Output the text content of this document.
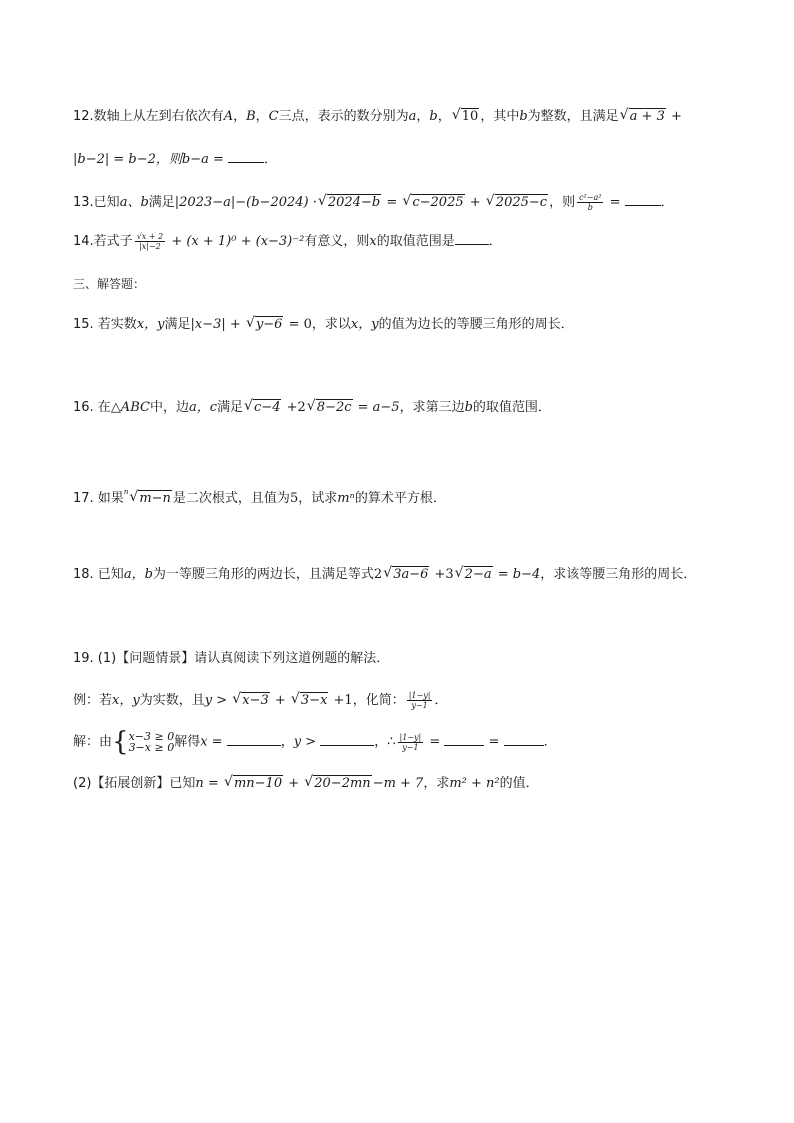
12.数轴上从左到右依次有A，B，C三点，表示的数分别为a，b， √ 10 ，其中b为整数，且满足 √ a + 3 +
|b−2| = b−2，则b−a =	．
13.已知a、b满足|2023−a|−(b−2024) · √ 2024−b = √ c−2025 + √ 2025−c ，则 $\frac{\text{c²−a²}}{b}$ =	．
14.若式子 $\frac{√x + 2}{|x|-2} + (x + 1)^0 + (x-3)^{-2}$有意义，则x的取值范围是	．
三、解答题：
15. 若实数x，y满足|x−3| + √ y−6 = 0，求以x，y的值为边长的等腰三角形的周长．
16. 在△ABC中，边a，c满足 √ c−4 +2 √ 8−2c = a−5，求第三边b的取值范围．
17. 如果$^n$ √ m−n 是二次根式，且值为5，试求mⁿ的算术平方根．
18. 已知a，b为一等腰三角形的两边长，且满足等式2 √ 3a−6 +3 √ 2−a = b−4，求该等腰三角形的周长．
19. (1)【问题情景】请认真阅读下列这道例题的解法．
例：若x，y为实数，且y > √ x−3 + √ 3−x +1，化简： $\frac{|1-y|}{y-1}$ ．
解：由 { x−3 ≥ 0
3−x ≥ 0 解得x =	，y >	，∴ $\frac{|1-y|}{y-1}$ =	=	．
(2)【拓展创新】已知n = √ mn−10 + √ 20−2mn −m + 7，求m² + n²的值．
